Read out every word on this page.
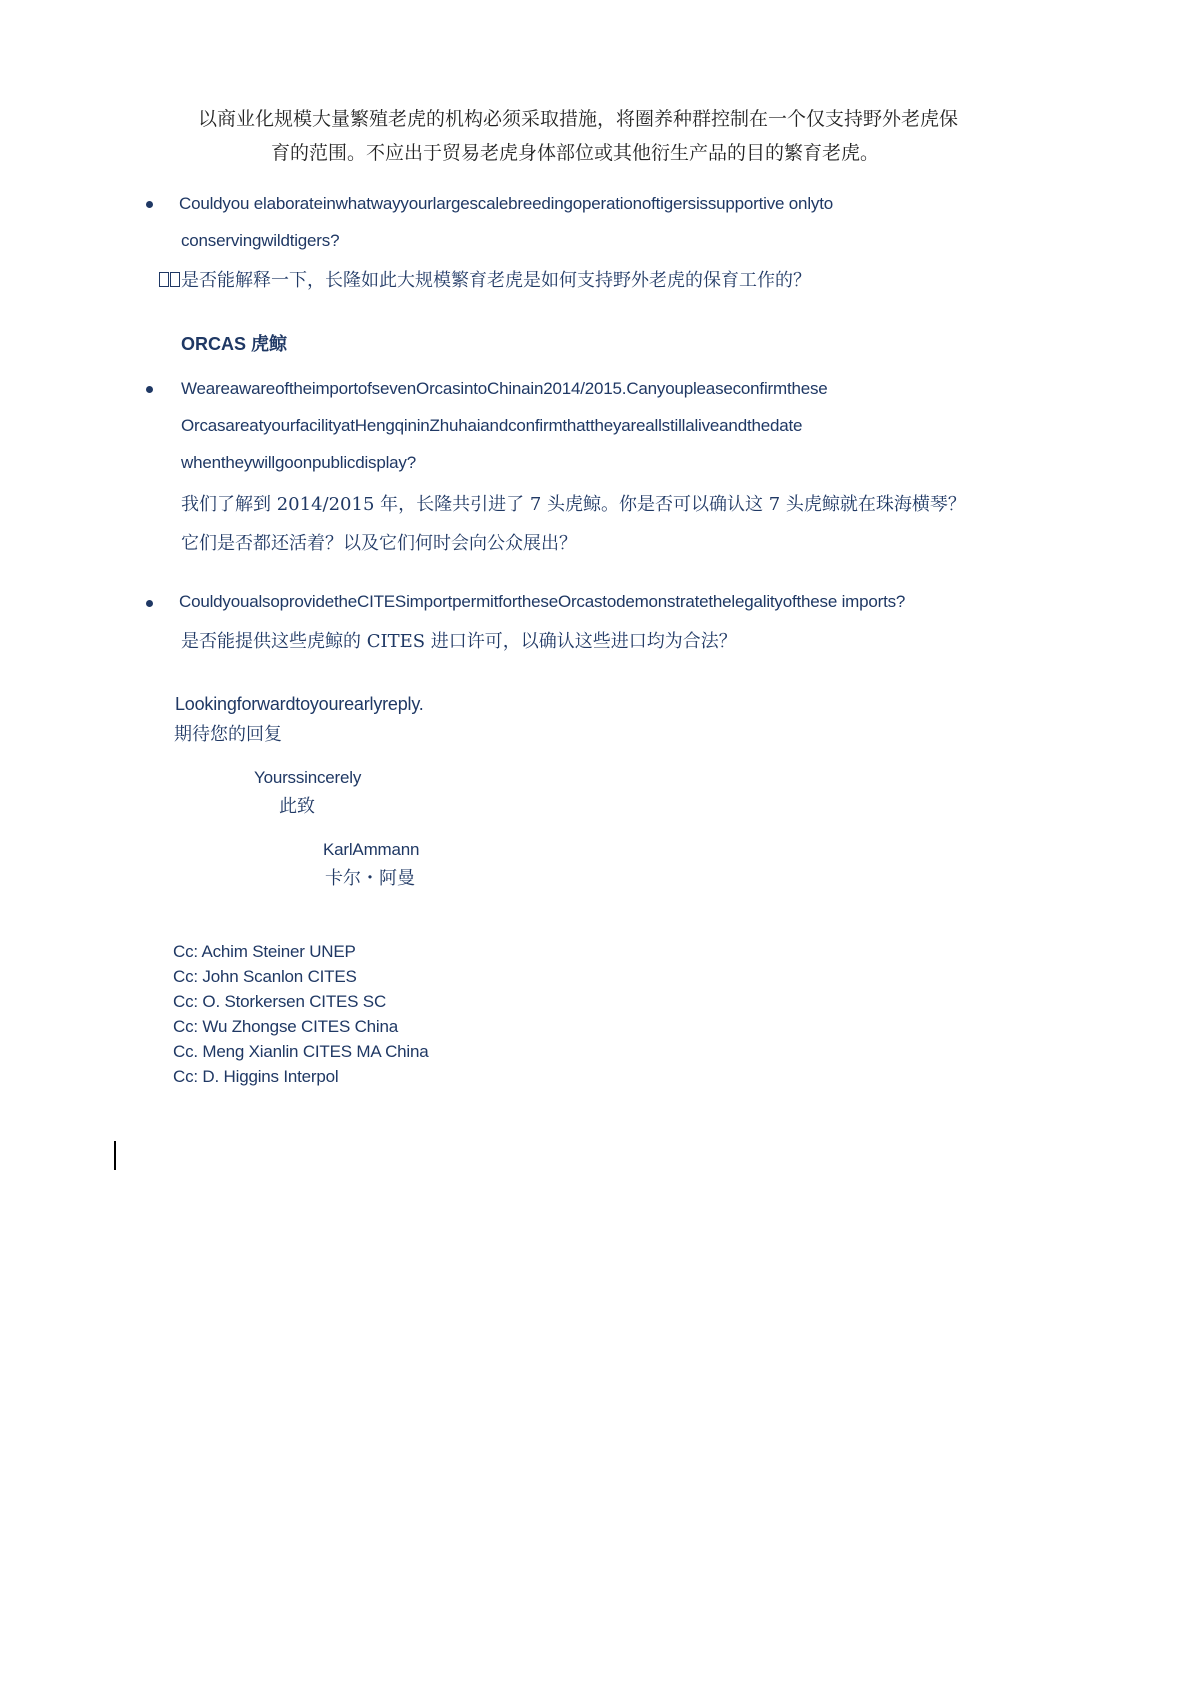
以商业化规模大量繁殖老虎的机构必须采取措施，将圈养种群控制在一个仅支持野外老虎保
育的范围。不应出于贸易老虎身体部位或其他衍生产品的目的繁育老虎。
Couldyou elaborateinwhatwayyourlargescalebreedingoperationoftigersissupportive onlyto
conservingwildtigers?
是否能解释一下，长隆如此大规模繁育老虎是如何支持野外老虎的保育工作的？
ORCAS 虎鲸
WeareawareoftheimportofsevenOrcasintoChinain2014/2015.Canyoupleaseconfirmthese
OrcasareatyourfacilityatHengqininZhuhaiandconfirmthattheyareallstillaliveandthedate
whentheywillgoonpublicdisplay?
我们了解到 2014/2015 年，长隆共引进了 7 头虎鲸。你是否可以确认这 7 头虎鲸就在珠海横琴？
它们是否都还活着？以及它们何时会向公众展出？
CouldyoualsoprovidetheCITESimportpermitfortheseOrcastodemonstratethelegalityofthese imports?
是否能提供这些虎鲸的 CITES 进口许可，以确认这些进口均为合法？
Lookingforwardtoyourearlyreply.
期待您的回复
Yourssincerely
此致
KarlAmmann
卡尔・阿曼
Cc: Achim Steiner UNEP
Cc: John Scanlon CITES
Cc: O. Storkersen CITES SC
Cc: Wu Zhongse CITES China
Cc. Meng Xianlin CITES MA China
Cc: D. Higgins Interpol
